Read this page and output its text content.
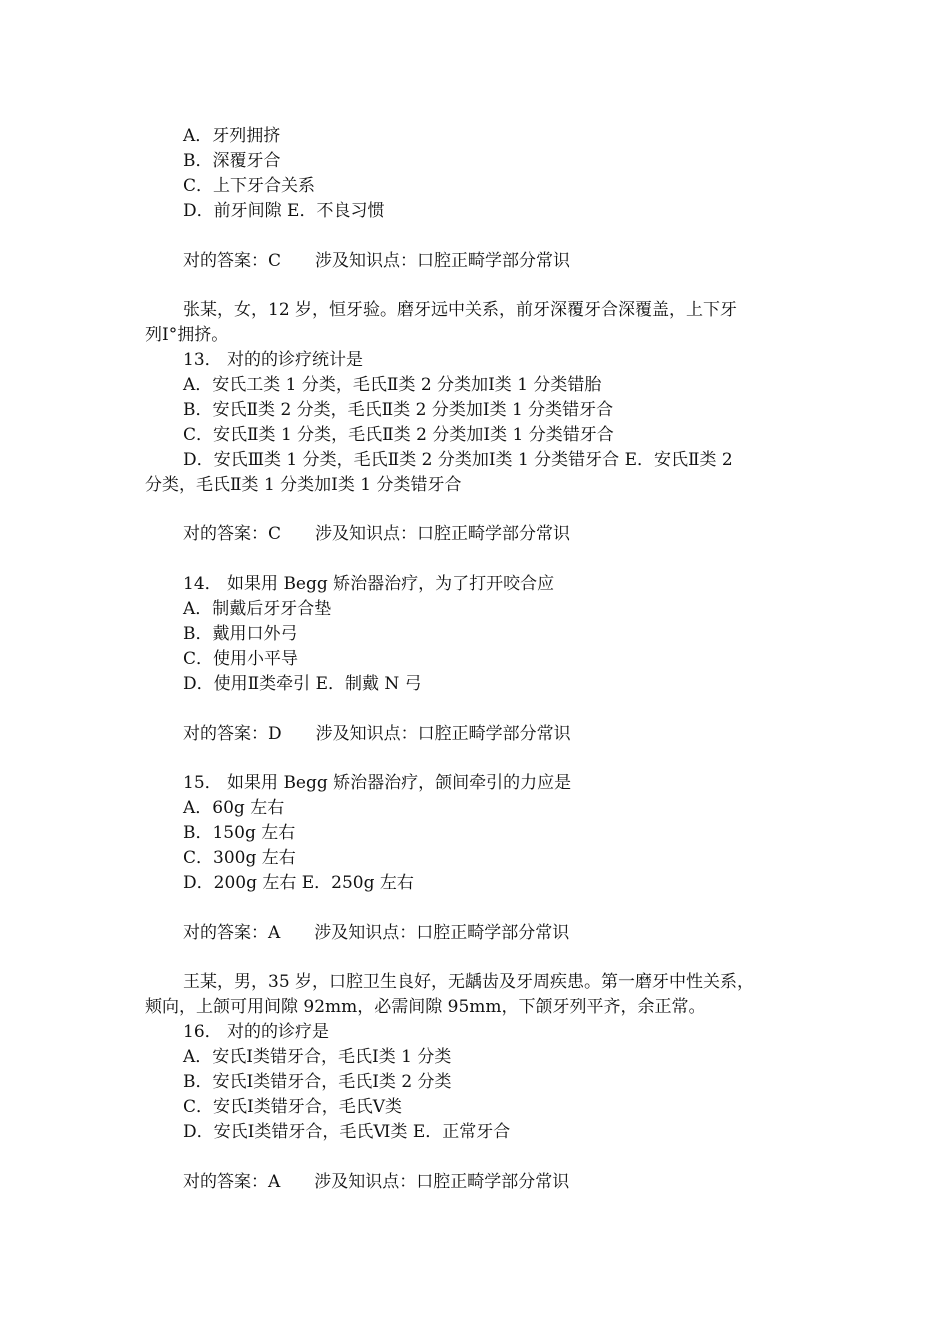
A．牙列拥挤
B．深覆牙合
C．上下牙合关系
D．前牙间隙 E．不良习惯
对的答案：C 涉及知识点：口腔正畸学部分常识
张某，女，12 岁，恒牙验。磨牙远中关系，前牙深覆牙合深覆盖，上下牙
列Ⅰ°拥挤。
13． 对的的诊疗统计是
A．安氏工类 1 分类，毛氏Ⅱ类 2 分类加Ⅰ类 1 分类错胎
B．安氏Ⅱ类 2 分类，毛氏Ⅱ类 2 分类加Ⅰ类 1 分类错牙合
C．安氏Ⅱ类 1 分类，毛氏Ⅱ类 2 分类加Ⅰ类 1 分类错牙合
D．安氏Ⅲ类 1 分类，毛氏Ⅱ类 2 分类加Ⅰ类 1 分类错牙合 E．安氏Ⅱ类 2
分类，毛氏Ⅱ类 1 分类加Ⅰ类 1 分类错牙合
对的答案：C 涉及知识点：口腔正畸学部分常识
14． 如果用 Begg 矫治器治疗，为了打开咬合应
A．制戴后牙牙合垫
B．戴用口外弓
C．使用小平导
D．使用Ⅱ类牵引 E．制戴 N 弓
对的答案：D 涉及知识点：口腔正畸学部分常识
15． 如果用 Begg 矫治器治疗，颌间牵引的力应是
A．60g 左右
B．150g 左右
C．300g 左右
D．200g 左右 E．250g 左右
对的答案：A 涉及知识点：口腔正畸学部分常识
王某，男，35 岁，口腔卫生良好，无龋齿及牙周疾患。第一磨牙中性关系，
颊向，上颌可用间隙 92mm，必需间隙 95mm，下颌牙列平齐，余正常。
16． 对的的诊疗是
A．安氏Ⅰ类错牙合，毛氏Ⅰ类 1 分类
B．安氏Ⅰ类错牙合，毛氏Ⅰ类 2 分类
C．安氏Ⅰ类错牙合，毛氏Ⅴ类
D．安氏Ⅰ类错牙合，毛氏Ⅵ类 E．正常牙合
对的答案：A 涉及知识点：口腔正畸学部分常识
